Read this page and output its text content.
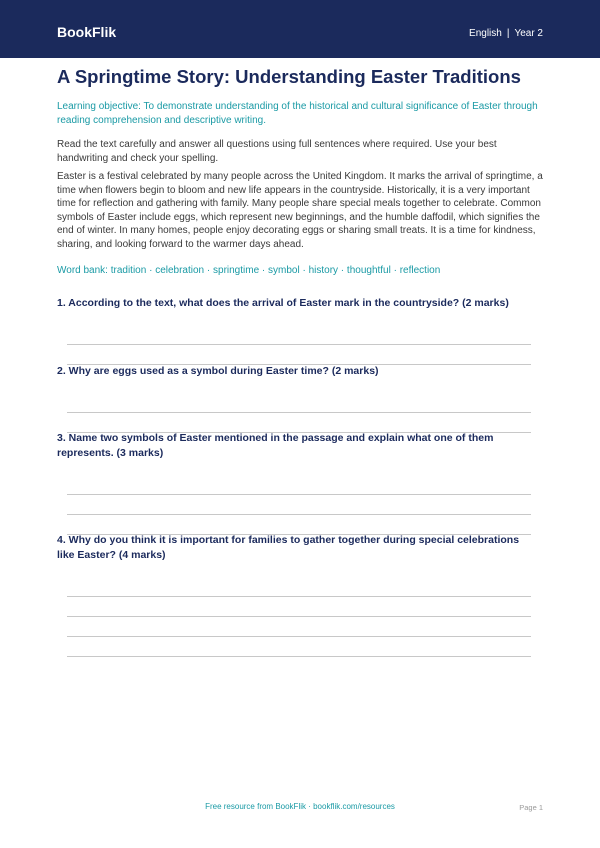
BookFlik	English | Year 2
A Springtime Story: Understanding Easter Traditions
Learning objective: To demonstrate understanding of the historical and cultural significance of Easter through reading comprehension and descriptive writing.
Read the text carefully and answer all questions using full sentences where required. Use your best handwriting and check your spelling.
Easter is a festival celebrated by many people across the United Kingdom. It marks the arrival of springtime, a time when flowers begin to bloom and new life appears in the countryside. Historically, it is a very important time for reflection and gathering with family. Many people share special meals together to celebrate. Common symbols of Easter include eggs, which represent new beginnings, and the humble daffodil, which signifies the end of winter. In many homes, people enjoy decorating eggs or sharing small treats. It is a time for kindness, sharing, and looking forward to the warmer days ahead.
Word bank: tradition · celebration · springtime · symbol · history · thoughtful · reflection
1. According to the text, what does the arrival of Easter mark in the countryside? (2 marks)
2. Why are eggs used as a symbol during Easter time? (2 marks)
3. Name two symbols of Easter mentioned in the passage and explain what one of them represents. (3 marks)
4. Why do you think it is important for families to gather together during special celebrations like Easter? (4 marks)
Free resource from BookFlik · bookflik.com/resources	Page 1
